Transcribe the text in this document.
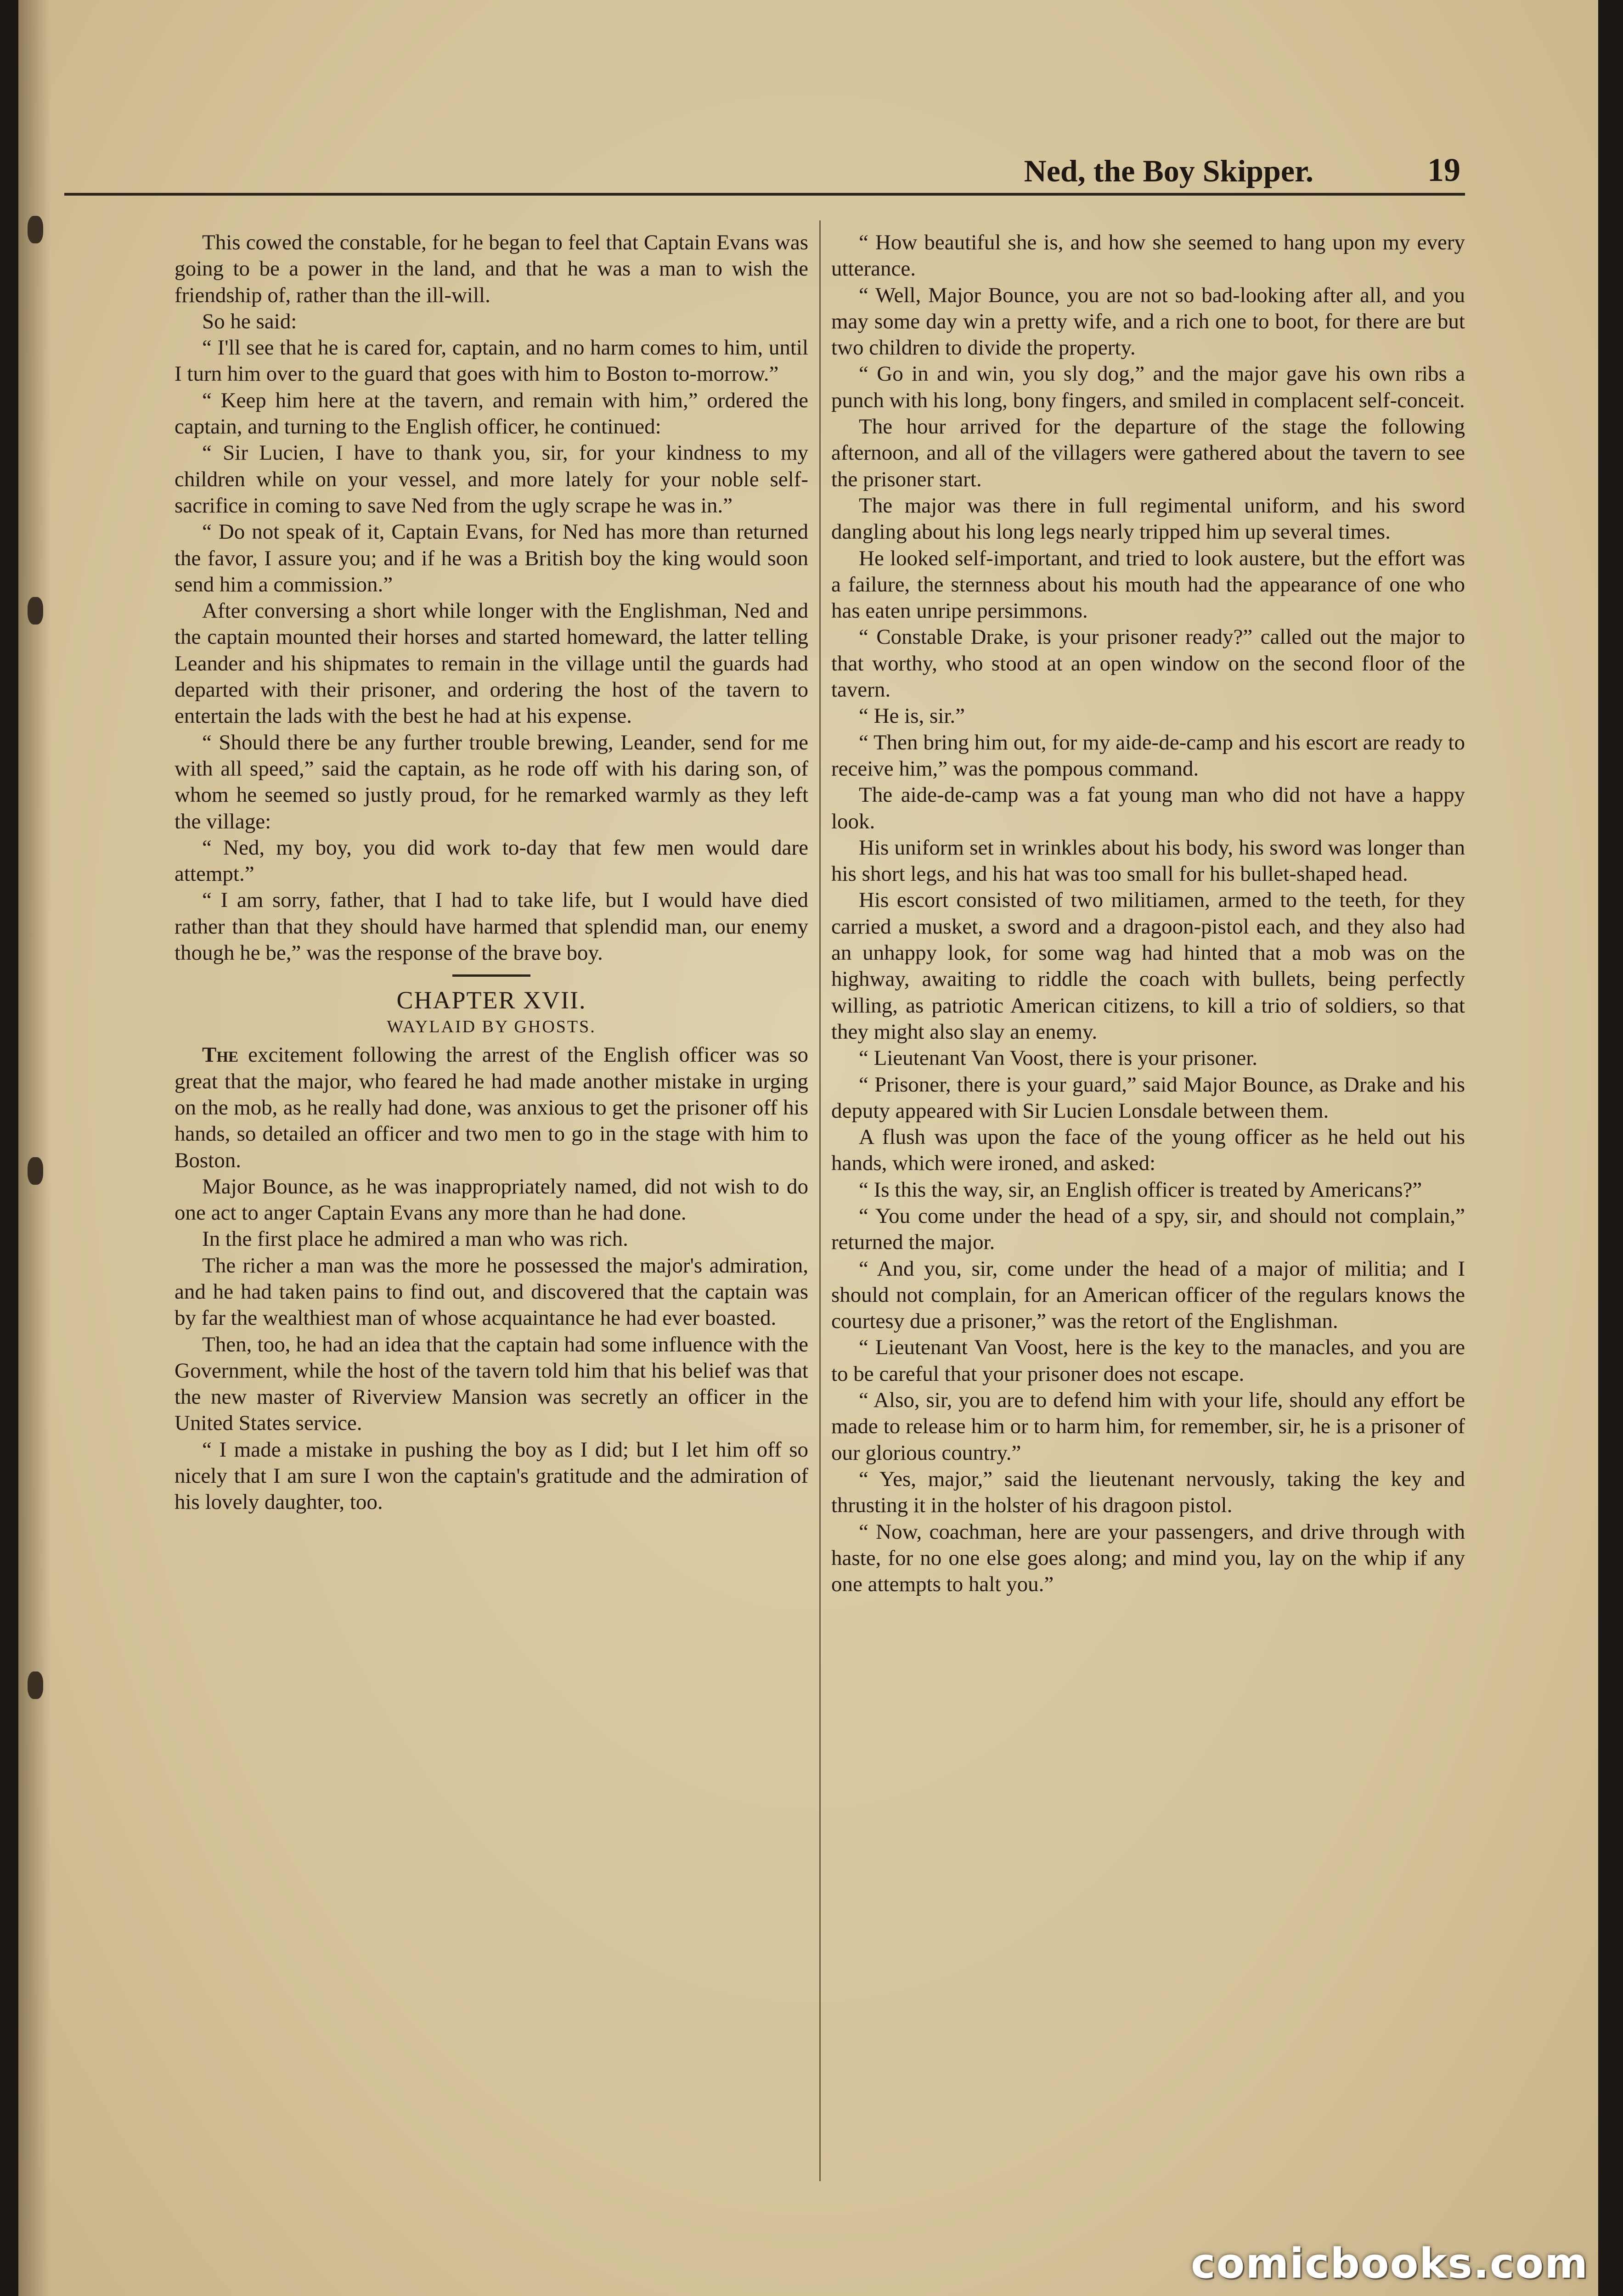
Ned, the Boy Skipper.	19

This cowed the constable, for he began to feel that Captain Evans was going to be a power in the land, and that he was a man to wish the friendship of, rather than the ill-will.

So he said:

“ I'll see that he is cared for, captain, and no harm comes to him, until I turn him over to the guard that goes with him to Boston to-morrow.”

“ Keep him here at the tavern, and remain with him,” ordered the captain, and turning to the English officer, he continued:

“ Sir Lucien, I have to thank you, sir, for your kindness to my children while on your vessel, and more lately for your noble self-sacrifice in coming to save Ned from the ugly scrape he was in.”

“ Do not speak of it, Captain Evans, for Ned has more than returned the favor, I assure you; and if he was a British boy the king would soon send him a commission.”

After conversing a short while longer with the Englishman, Ned and the captain mounted their horses and started homeward, the latter telling Leander and his shipmates to remain in the village until the guards had departed with their prisoner, and ordering the host of the tavern to entertain the lads with the best he had at his expense.

“ Should there be any further trouble brewing, Leander, send for me with all speed,” said the captain, as he rode off with his daring son, of whom he seemed so justly proud, for he remarked warmly as they left the village:

“ Ned, my boy, you did work to-day that few men would dare attempt.”

“ I am sorry, father, that I had to take life, but I would have died rather than that they should have harmed that splendid man, our enemy though he be,” was the response of the brave boy.

CHAPTER XVII.
WAYLAID BY GHOSTS.

The excitement following the arrest of the English officer was so great that the major, who feared he had made another mistake in urging on the mob, as he really had done, was anxious to get the prisoner off his hands, so detailed an officer and two men to go in the stage with him to Boston.

Major Bounce, as he was inappropriately named, did not wish to do one act to anger Captain Evans any more than he had done.

In the first place he admired a man who was rich.

The richer a man was the more he possessed the major's admiration, and he had taken pains to find out, and discovered that the captain was by far the wealthiest man of whose acquaintance he had ever boasted.

Then, too, he had an idea that the captain had some influence with the Government, while the host of the tavern told him that his belief was that the new master of Riverview Mansion was secretly an officer in the United States service.

“ I made a mistake in pushing the boy as I did; but I let him off so nicely that I am sure I won the captain's gratitude and the admiration of his lovely daughter, too.

“ How beautiful she is, and how she seemed to hang upon my every utterance.

“ Well, Major Bounce, you are not so bad-looking after all, and you may some day win a pretty wife, and a rich one to boot, for there are but two children to divide the property.

“ Go in and win, you sly dog,” and the major gave his own ribs a punch with his long, bony fingers, and smiled in complacent self-conceit.

The hour arrived for the departure of the stage the following afternoon, and all of the villagers were gathered about the tavern to see the prisoner start.

The major was there in full regimental uniform, and his sword dangling about his long legs nearly tripped him up several times.

He looked self-important, and tried to look austere, but the effort was a failure, the sternness about his mouth had the appearance of one who has eaten unripe persimmons.

“ Constable Drake, is your prisoner ready?” called out the major to that worthy, who stood at an open window on the second floor of the tavern.

“ He is, sir.”

“ Then bring him out, for my aide-de-camp and his escort are ready to receive him,” was the pompous command.

The aide-de-camp was a fat young man who did not have a happy look.

His uniform set in wrinkles about his body, his sword was longer than his short legs, and his hat was too small for his bullet-shaped head.

His escort consisted of two militiamen, armed to the teeth, for they carried a musket, a sword and a dragoon-pistol each, and they also had an unhappy look, for some wag had hinted that a mob was on the highway, awaiting to riddle the coach with bullets, being perfectly willing, as patriotic American citizens, to kill a trio of soldiers, so that they might also slay an enemy.

“ Lieutenant Van Voost, there is your prisoner.

“ Prisoner, there is your guard,” said Major Bounce, as Drake and his deputy appeared with Sir Lucien Lonsdale between them.

A flush was upon the face of the young officer as he held out his hands, which were ironed, and asked:

“ Is this the way, sir, an English officer is treated by Americans?”

“ You come under the head of a spy, sir, and should not complain,” returned the major.

“ And you, sir, come under the head of a major of militia; and I should not complain, for an American officer of the regulars knows the courtesy due a prisoner,” was the retort of the Englishman.

“ Lieutenant Van Voost, here is the key to the manacles, and you are to be careful that your prisoner does not escape.

“ Also, sir, you are to defend him with your life, should any effort be made to release him or to harm him, for remember, sir, he is a prisoner of our glorious country.”

“ Yes, major,” said the lieutenant nervously, taking the key and thrusting it in the holster of his dragoon pistol.

“ Now, coachman, here are your passengers, and drive through with haste, for no one else goes along; and mind you, lay on the whip if any one attempts to halt you.”

comicbooks.com
